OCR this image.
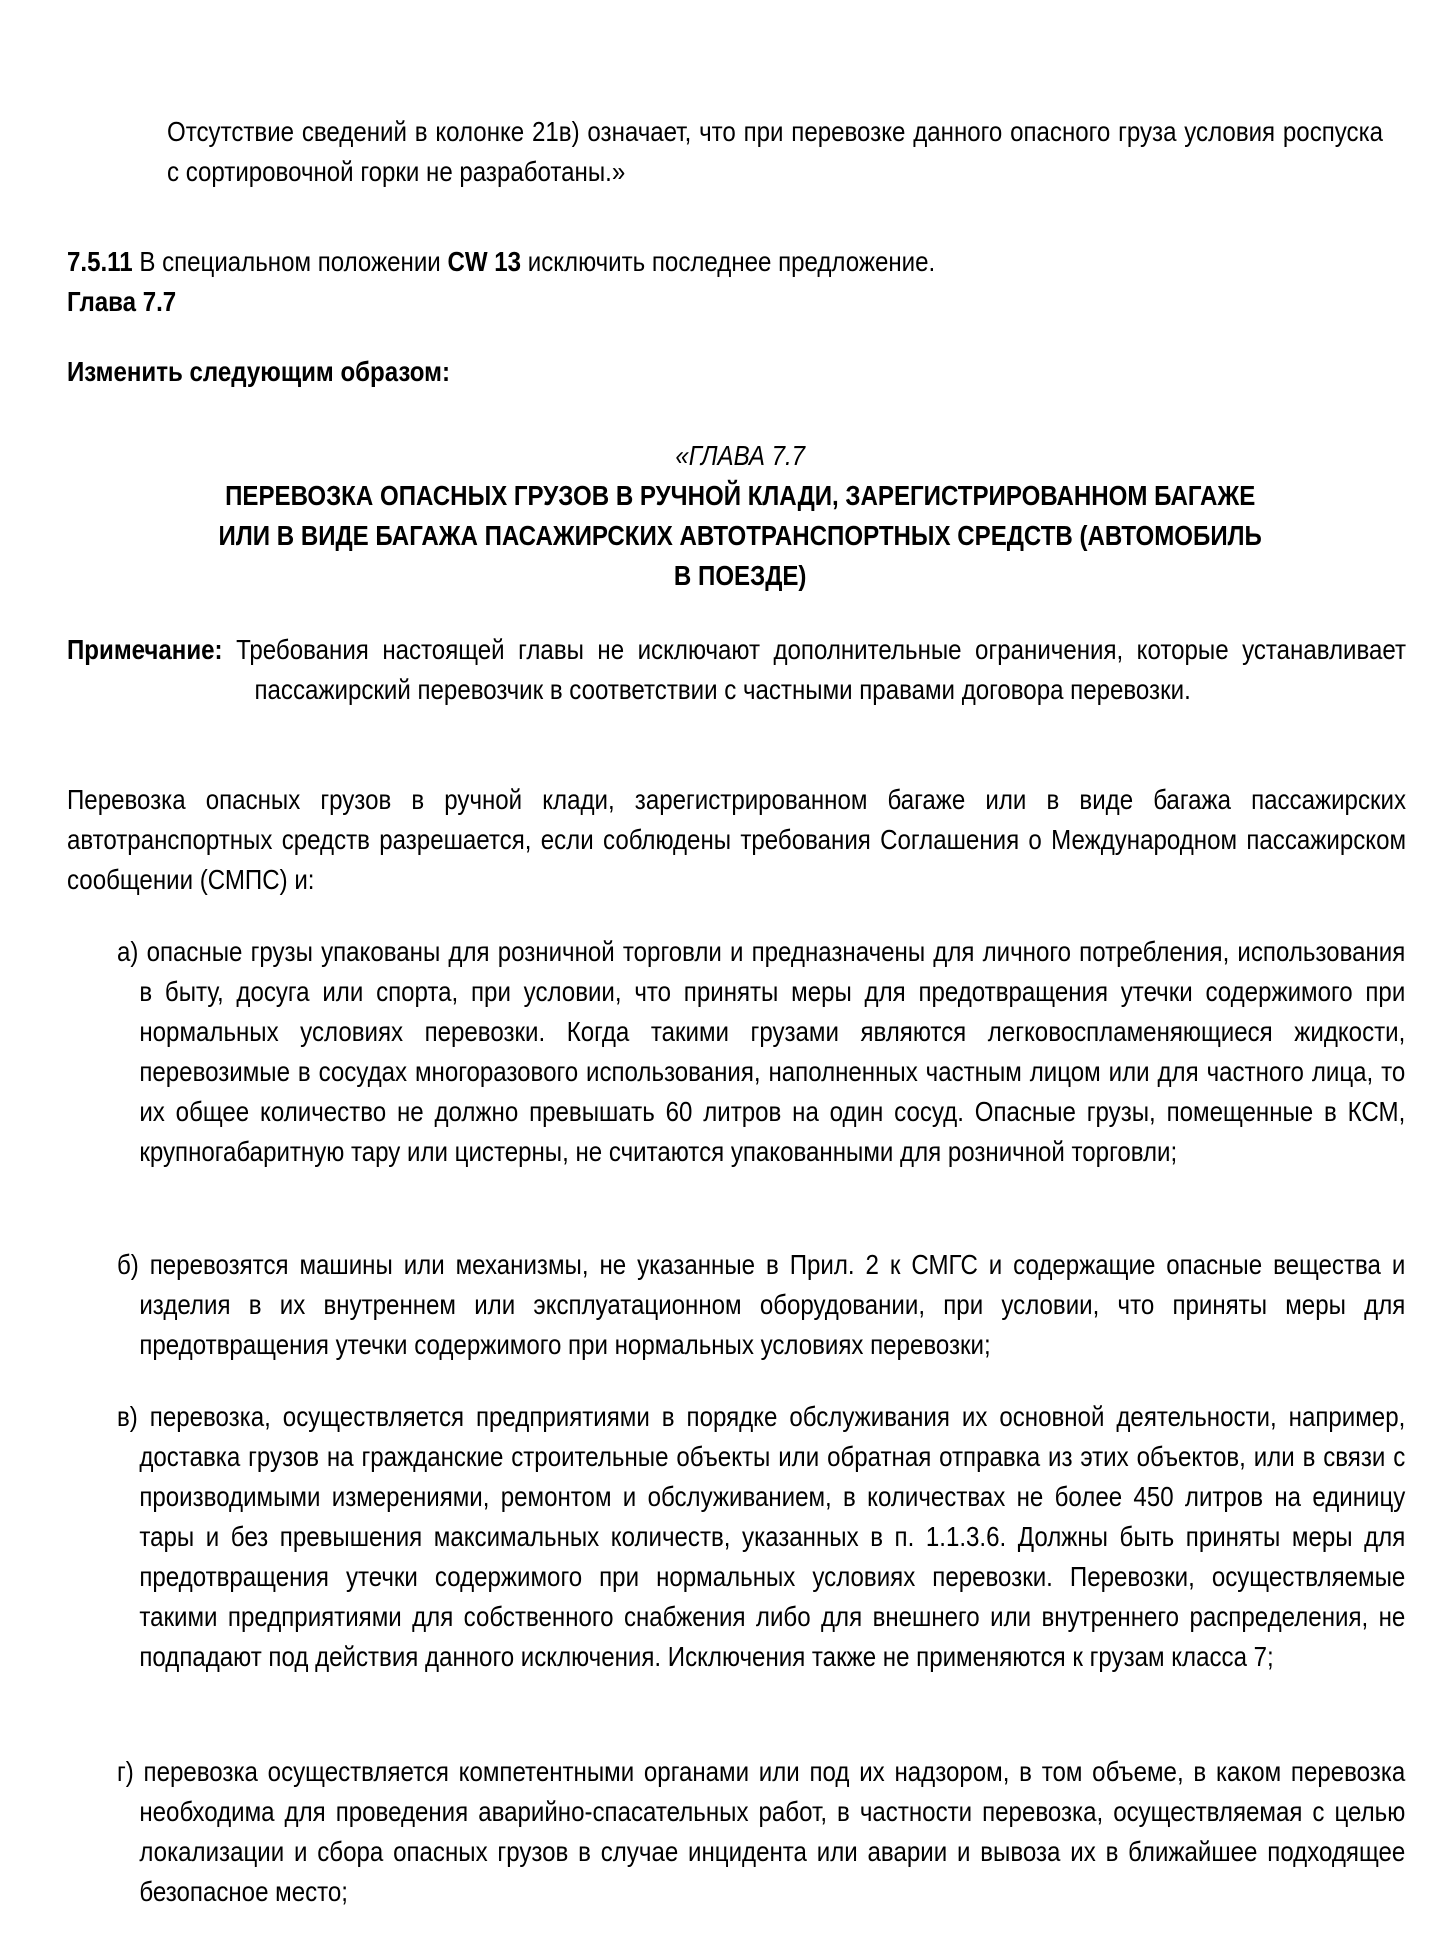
Отсутствие сведений в колонке 21в) означает, что при перевозке данного опасного груза условия роспуска с сортировочной горки не разработаны.»

7.5.11 В специальном положении CW 13 исключить последнее предложение.

Глава 7.7

Изменить следующим образом:

«ГЛАВА 7.7
ПЕРЕВОЗКА ОПАСНЫХ ГРУЗОВ В РУЧНОЙ КЛАДИ, ЗАРЕГИСТРИРОВАННОМ БАГАЖЕ ИЛИ В ВИДЕ БАГАЖА ПАСАЖИРСКИХ АВТОТРАНСПОРТНЫХ СРЕДСТВ (АВТОМОБИЛЬ В ПОЕЗДЕ)

Примечание: Требования настоящей главы не исключают дополнительные ограничения, которые устанавливает пассажирский перевозчик в соответствии с частными правами договора перевозки.

Перевозка опасных грузов в ручной клади, зарегистрированном багаже или в виде багажа пассажирских автотранспортных средств разрешается, если соблюдены требования Соглашения о Международном пассажирском сообщении (СМПС) и:

а) опасные грузы упакованы для розничной торговли и предназначены для личного потребления, использования в быту, досуга или спорта, при условии, что приняты меры для предотвращения утечки содержимого при нормальных условиях перевозки. Когда такими грузами являются легковоспламеняющиеся жидкости, перевозимые в сосудах многоразового использования, наполненных частным лицом или для частного лица, то их общее количество не должно превышать 60 литров на один сосуд. Опасные грузы, помещенные в КСМ, крупногабаритную тару или цистерны, не считаются упакованными для розничной торговли;

б) перевозятся машины или механизмы, не указанные в Прил. 2 к СМГС и содержащие опасные вещества и изделия в их внутреннем или эксплуатационном оборудовании, при условии, что приняты меры для предотвращения утечки содержимого при нормальных условиях перевозки;

в) перевозка, осуществляется предприятиями в порядке обслуживания их основной деятельности, например, доставка грузов на гражданские строительные объекты или обратная отправка из этих объектов, или в связи с производимыми измерениями, ремонтом и обслуживанием, в количествах не более 450 литров на единицу тары и без превышения максимальных количеств, указанных в п. 1.1.3.6. Должны быть приняты меры для предотвращения утечки содержимого при нормальных условиях перевозки. Перевозки, осуществляемые такими предприятиями для собственного снабжения либо для внешнего или внутреннего распределения, не подпадают под действия данного исключения. Исключения также не применяются к грузам класса 7;

г) перевозка осуществляется компетентными органами или под их надзором, в том объеме, в каком перевозка необходима для проведения аварийно-спасательных работ, в частности перевозка, осуществляемая с целью локализации и сбора опасных грузов в случае инцидента или аварии и вывоза их в ближайшее подходящее безопасное место;
